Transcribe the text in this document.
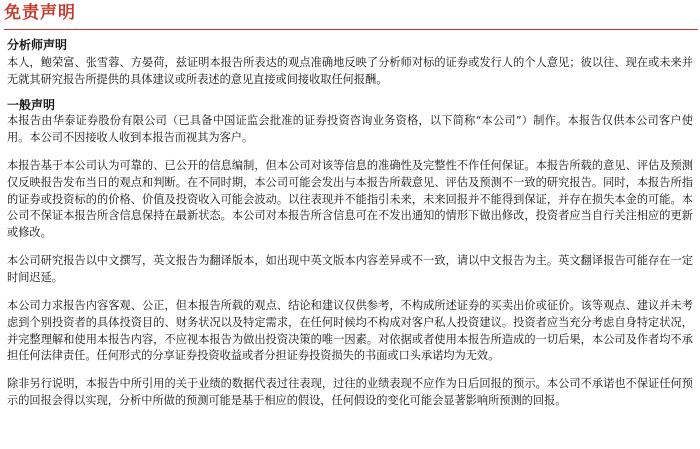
免责声明
分析师声明

本人，鲍荣富、张雪蓉、方晏荷，兹证明本报告所表达的观点准确地反映了分析师对标的证券或发行人的个人意见；彼以往、现在或未来并无就其研究报告所提供的具体建议或所表述的意见直接或间接收取任何报酬。

一般声明

本报告由华泰证券股份有限公司（已具备中国证监会批准的证券投资咨询业务资格，以下简称“本公司”）制作。本报告仅供本公司客户使用。本公司不因接收人收到本报告而视其为客户。

本报告基于本公司认为可靠的、已公开的信息编制，但本公司对该等信息的准确性及完整性不作任何保证。本报告所载的意见、评估及预测仅反映报告发布当日的观点和判断。在不同时期，本公司可能会发出与本报告所载意见、评估及预测不一致的研究报告。同时，本报告所指的证券或投资标的的价格、价值及投资收入可能会波动。以往表现并不能指引未来，未来回报并不能得到保证，并存在损失本金的可能。本公司不保证本报告所含信息保持在最新状态。本公司对本报告所含信息可在不发出通知的情形下做出修改，投资者应当自行关注相应的更新或修改。

本公司研究报告以中文撰写，英文报告为翻译版本，如出现中英文版本内容差异或不一致，请以中文报告为主。英文翻译报告可能存在一定时间迟延。

本公司力求报告内容客观、公正，但本报告所载的观点、结论和建议仅供参考，不构成所述证券的买卖出价或征价。该等观点、建议并未考虑到个别投资者的具体投资目的、财务状况以及特定需求，在任何时候均不构成对客户私人投资建议。投资者应当充分考虑自身特定状况，并完整理解和使用本报告内容，不应视本报告为做出投资决策的唯一因素。对依据或者使用本报告所造成的一切后果，本公司及作者均不承担任何法律责任。任何形式的分享证券投资收益或者分担证券投资损失的书面或口头承诺均为无效。

除非另行说明，本报告中所引用的关于业绩的数据代表过往表现，过往的业绩表现不应作为日后回报的预示。本公司不承诺也不保证任何预示的回报会得以实现，分析中所做的预测可能是基于相应的假设，任何假设的变化可能会显著影响所预测的回报。
